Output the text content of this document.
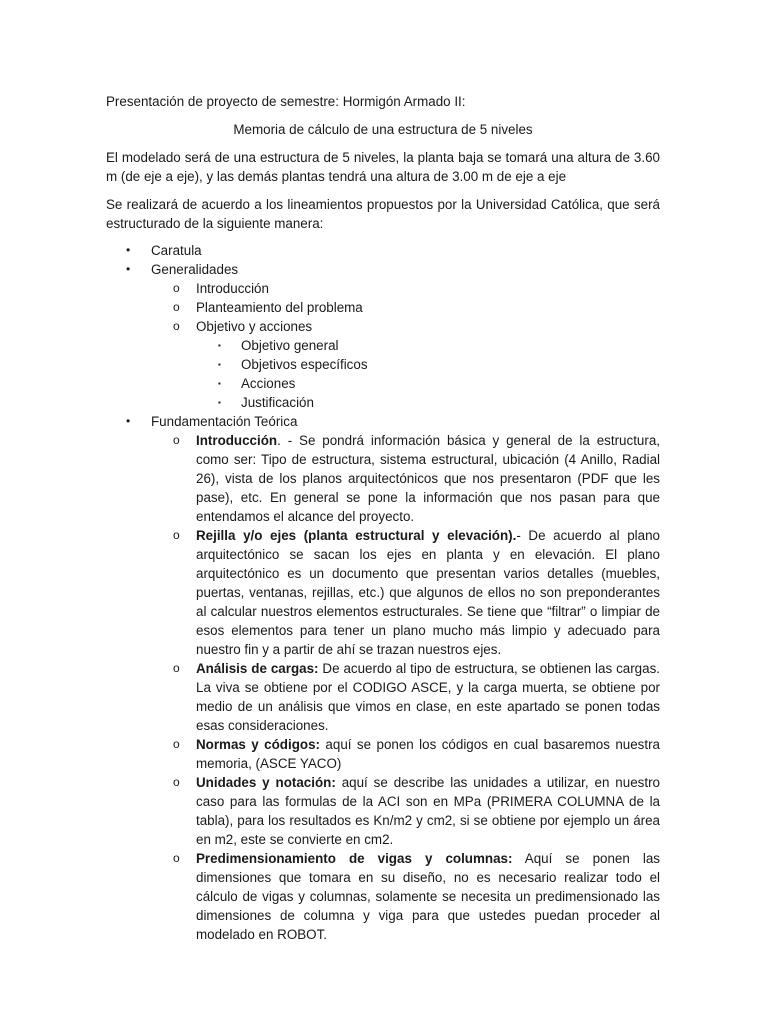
Presentación de proyecto de semestre: Hormigón Armado II:

Memoria de cálculo de una estructura de 5 niveles

El modelado será de una estructura de 5 niveles, la planta baja se tomará una altura de 3.60 m (de eje a eje), y las demás plantas tendrá una altura de 3.00 m de eje a eje

Se realizará de acuerdo a los lineamientos propuestos por la Universidad Católica, que será estructurado de la siguiente manera:

• Caratula
• Generalidades
o Introducción
o Planteamiento del problema
o Objetivo y acciones
▪ Objetivo general
▪ Objetivos específicos
▪ Acciones
▪ Justificación
• Fundamentación Teórica
o Introducción. - Se pondrá información básica y general de la estructura, como ser: Tipo de estructura, sistema estructural, ubicación (4 Anillo, Radial 26), vista de los planos arquitectónicos que nos presentaron (PDF que les pase), etc. En general se pone la información que nos pasan para que entendamos el alcance del proyecto.
o Rejilla y/o ejes (planta estructural y elevación).- De acuerdo al plano arquitectónico se sacan los ejes en planta y en elevación. El plano arquitectónico es un documento que presentan varios detalles (muebles, puertas, ventanas, rejillas, etc.) que algunos de ellos no son preponderantes al calcular nuestros elementos estructurales. Se tiene que “filtrar” o limpiar de esos elementos para tener un plano mucho más limpio y adecuado para nuestro fin y a partir de ahí se trazan nuestros ejes.
o Análisis de cargas: De acuerdo al tipo de estructura, se obtienen las cargas. La viva se obtiene por el CODIGO ASCE, y la carga muerta, se obtiene por medio de un análisis que vimos en clase, en este apartado se ponen todas esas consideraciones.
o Normas y códigos: aquí se ponen los códigos en cual basaremos nuestra memoria, (ASCE YACO)
o Unidades y notación: aquí se describe las unidades a utilizar, en nuestro caso para las formulas de la ACI son en MPa (PRIMERA COLUMNA de la tabla), para los resultados es Kn/m2 y cm2, si se obtiene por ejemplo un área en m2, este se convierte en cm2.
o Predimensionamiento de vigas y columnas: Aquí se ponen las dimensiones que tomara en su diseño, no es necesario realizar todo el cálculo de vigas y columnas, solamente se necesita un predimensionado las dimensiones de columna y viga para que ustedes puedan proceder al modelado en ROBOT.
